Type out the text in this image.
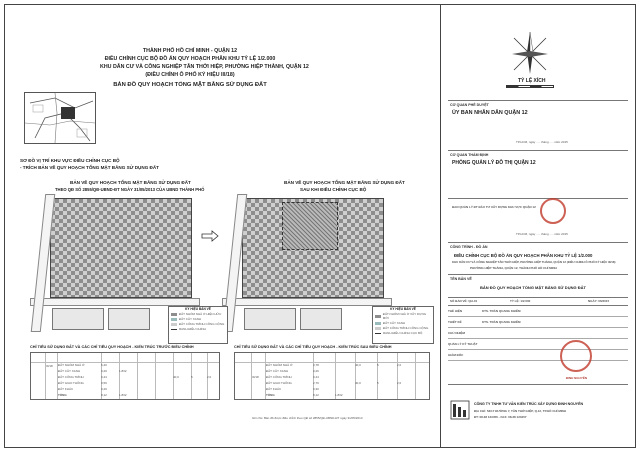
THÀNH PHỐ HỒ CHÍ MINH - QUẬN 12
ĐIỀU CHỈNH CỤC BỘ ĐỒ ÁN QUY HOẠCH PHÂN KHU TỶ LỆ 1/2.000
KHU DÂN CƯ VÀ CÔNG NGHIỆP TÂN THỚI HIỆP, PHƯỜNG HIỆP THÀNH, QUẬN 12
(ĐIỀU CHỈNH Ô PHỐ KÝ HIỆU III/18)
BẢN ĐỒ QUY HOẠCH TỔNG MẶT BẰNG SỬ DỤNG ĐẤT
SƠ ĐỒ VỊ TRÍ KHU VỰC ĐIỀU CHỈNH CỤC BỘ
- TRÍCH BẢN VẼ QUY HOẠCH TỔNG MẶT BẰNG SỬ DỤNG ĐẤT
BẢN VẼ QUY HOẠCH TỔNG MẶT BẰNG SỬ DỤNG ĐẤT
THEO QĐ SỐ 2855/QĐ-UBND-ĐT NGÀY 31/05/2013 CỦA UBND THÀNH PHỐ
BẢN VẼ QUY HOẠCH TỔNG MẶT BẰNG SỬ DỤNG ĐẤT
SAU KHI ĐIỀU CHỈNH CỤC BỘ
KÝ HIỆU BẢN VẼ
ĐẤT NHÓM NHÀ Ở HIỆN HỮU
ĐẤT CÂY XANH
ĐẤT CÔNG TRÌNH CÔNG CỘNG
RANH ĐIỀU CHỈNH
KÝ HIỆU BẢN VẼ
ĐẤT NHÓM NHÀ Ở XÂY DỰNG MỚI
ĐẤT CÂY XANH
ĐẤT CÔNG TRÌNH CÔNG CỘNG
RANH ĐIỀU CHỈNH CỤC BỘ
CHỈ TIÊU SỬ DỤNG ĐẤT VÀ CÁC CHỈ TIÊU QUY HOẠCH - KIẾN TRÚC TRƯỚC ĐIỀU CHỈNH
III/18 ĐẤT NHÓM NHÀ Ở	6,40
ĐẤT CÂY XANH	0,29	1.832
ĐẤT CÔNG TRÌNH	0,44	40,0	5	2,0
ĐẤT GIAO THÔNG	0,59
ĐẤT KHÁC	0,29
TỔNG	8,12	1.832
CHỈ TIÊU SỬ DỤNG ĐẤT VÀ CÁC CHỈ TIÊU QUY HOẠCH - KIẾN TRÚC SAU ĐIỀU CHỈNH
III/18
ĐẤT NHÓM NHÀ Ở	3,78	40,0	5	2,0
ĐẤT CÂY XANH	0,26
ĐẤT CÔNG TRÌNH	0,44
ĐẤT GIAO THÔNG	2,79	40,0	5	2,0
ĐẤT KHÁC	0,30
TỔNG	8,12	1.832
Ghi chú: Bản đồ được điều chỉnh theo QĐ số 2855/QĐ-UBND-ĐT ngày 31/05/2013
TỶ LỆ XÍCH
CƠ QUAN PHÊ DUYỆT
ỦY BAN NHÂN DÂN QUẬN 12
TP.HCM, ngày ..... tháng ..... năm 2015
CƠ QUAN THẨM ĐỊNH
PHÒNG QUẢN LÝ ĐÔ THỊ QUẬN 12
BAN QUẢN LÝ ĐT ĐẦU TƯ XÂY DỰNG KHU VỰC QUẬN 12
TP.HCM, ngày ..... tháng ..... năm 2015
CÔNG TRÌNH - ĐỒ ÁN
ĐIỀU CHỈNH CỤC BỘ ĐỒ ÁN QUY HOẠCH PHÂN KHU TỶ LỆ 1/2.000
KHU DÂN CƯ VÀ CÔNG NGHIỆP TÂN THỚI HIỆP, PHƯỜNG HIỆP THÀNH, QUẬN 12 (ĐIỀU CHỈNH Ô PHỐ KÝ HIỆU III/18)
PHƯỜNG HIỆP THÀNH, QUẬN 12, THÀNH PHỐ HỒ CHÍ MINH
TÊN BẢN VẼ
BẢN ĐỒ QUY HOẠCH TỔNG MẶT BẰNG SỬ DỤNG ĐẤT
SỐ BẢN VẼ: QH-01	TỶ LỆ: 1/2.000	NGÀY: 06/2015
THỂ HIỆN	KTS. TRẦN QUANG KHIÊM
THIẾT KẾ	KTS. TRẦN QUANG KHIÊM
CHỦ NHIỆM
QUẢN LÝ KỸ THUẬT
GIÁM ĐỐC
ĐINH NGUYÊN
CÔNG TY TNHH TƯ VẤN KIẾN TRÚC XÂY DỰNG ĐINH NGUYÊN
ĐỊA CHỈ: 53/17 ĐƯỜNG Y, TÂN THỚI HIỆP, Q.12, TP.HỒ CHÍ MINH
ĐT: 08.38 123456 - FAX: 08.38 123457
